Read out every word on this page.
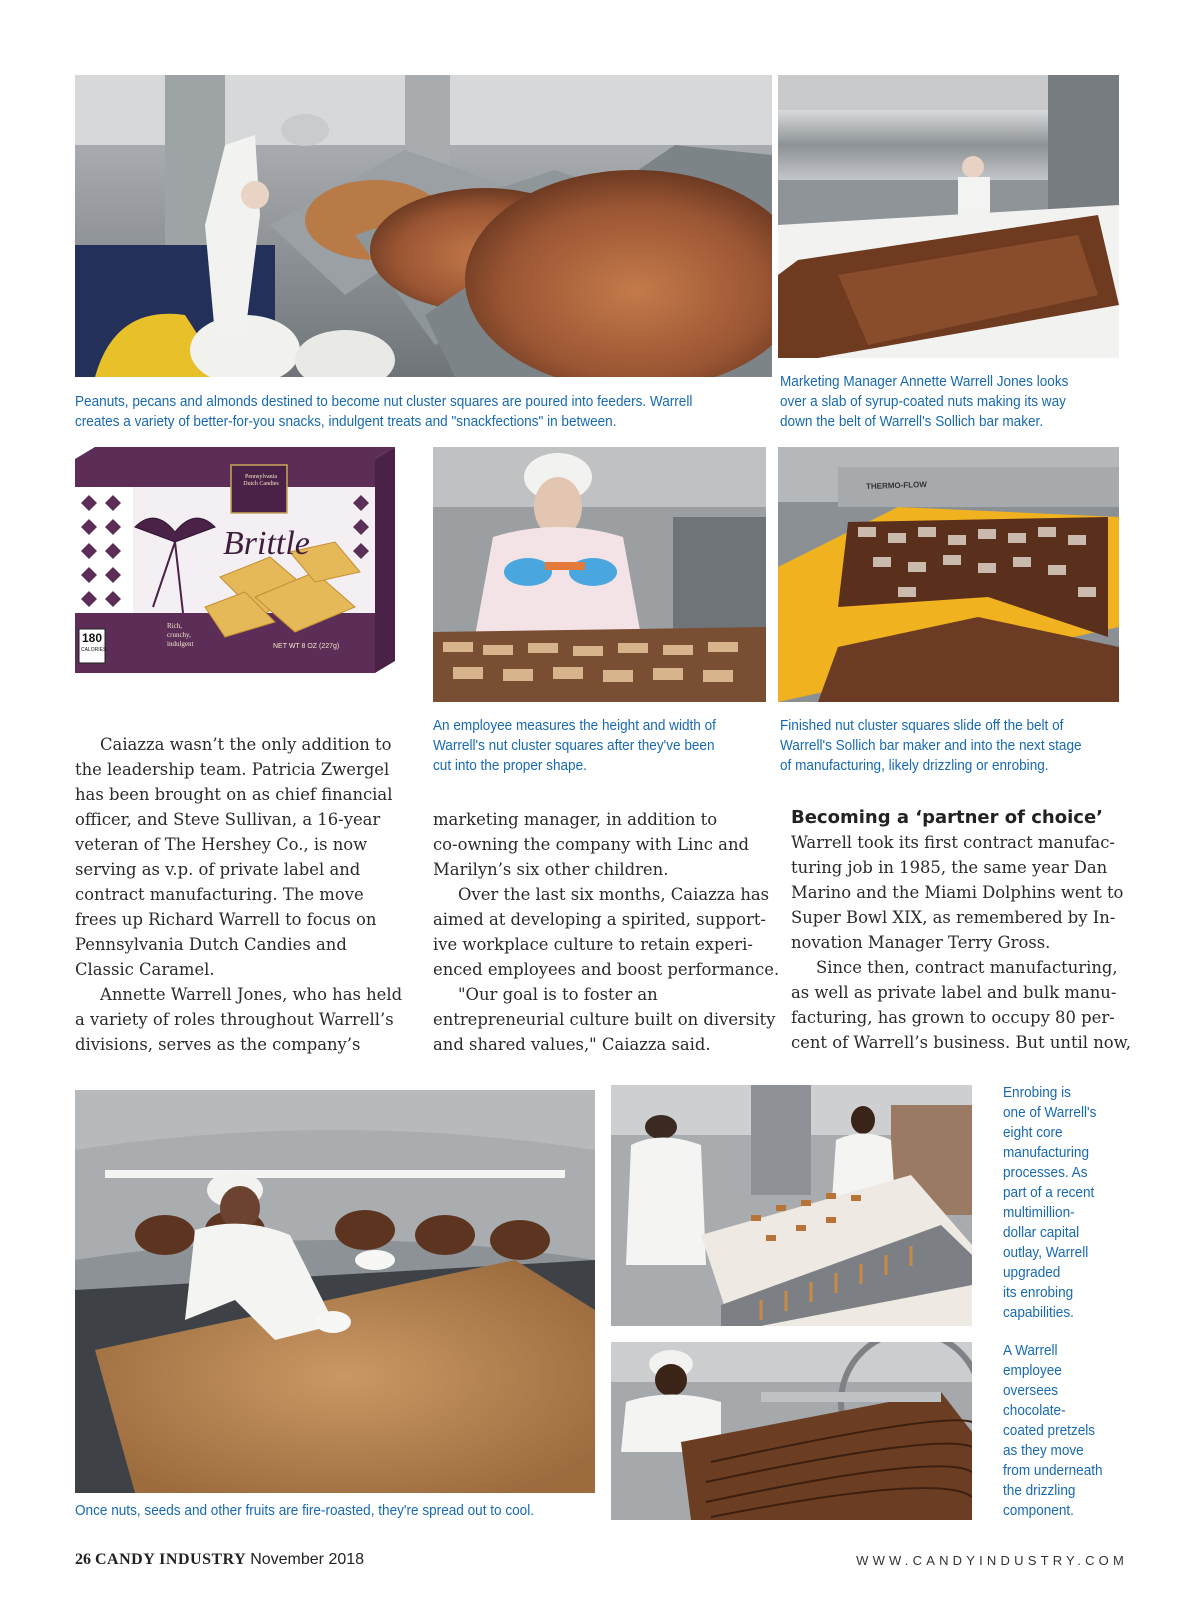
Pennsylvania Dutch Candies
Brittle
Rich, crunchy, indulgent	NET WT 8 OZ (227g)
180
CALORIES
THERMO-FLOW
Peanuts, pecans and almonds destined to become nut cluster squares are poured into feeders. Warrell
creates a variety of better-for-you snacks, indulgent treats and "snackfections" in between.
Marketing Manager Annette Warrell Jones looks
over a slab of syrup-coated nuts making its way
down the belt of Warrell's Sollich bar maker.
An employee measures the height and width of
Warrell's nut cluster squares after they've been
cut into the proper shape.
Finished nut cluster squares slide off the belt of
Warrell's Sollich bar maker and into the next stage
of manufacturing, likely drizzling or enrobing.
Caiazza wasn’t the only addition to
the leadership team. Patricia Zwergel
has been brought on as chief financial
officer, and Steve Sullivan, a 16-year
veteran of The Hershey Co., is now
serving as v.p. of private label and
contract manufacturing. The move
frees up Richard Warrell to focus on
Pennsylvania Dutch Candies and
Classic Caramel.
Annette Warrell Jones, who has held
a variety of roles throughout Warrell’s
divisions, serves as the company’s
marketing manager, in addition to
co-owning the company with Linc and
Marilyn’s six other children.
Over the last six months, Caiazza has
aimed at developing a spirited, support-
ive workplace culture to retain experi-
enced employees and boost performance.
"Our goal is to foster an
entrepreneurial culture built on diversity
and shared values," Caiazza said.
Becoming a ‘partner of choice’
Warrell took its first contract manufac-
turing job in 1985, the same year Dan
Marino and the Miami Dolphins went to
Super Bowl XIX, as remembered by In-
novation Manager Terry Gross.
Since then, contract manufacturing,
as well as private label and bulk manu-
facturing, has grown to occupy 80 per-
cent of Warrell’s business. But until now,
Once nuts, seeds and other fruits are fire-roasted, they're spread out to cool.
Enrobing is
one of Warrell's
eight core
manufacturing
processes. As
part of a recent
multimillion-
dollar capital
outlay, Warrell
upgraded
its enrobing
capabilities.
A Warrell
employee
oversees
chocolate-
coated pretzels
as they move
from underneath
the drizzling
component.
26 CANDY INDUSTRY November 2018	WWW.CANDYINDUSTRY.COM
